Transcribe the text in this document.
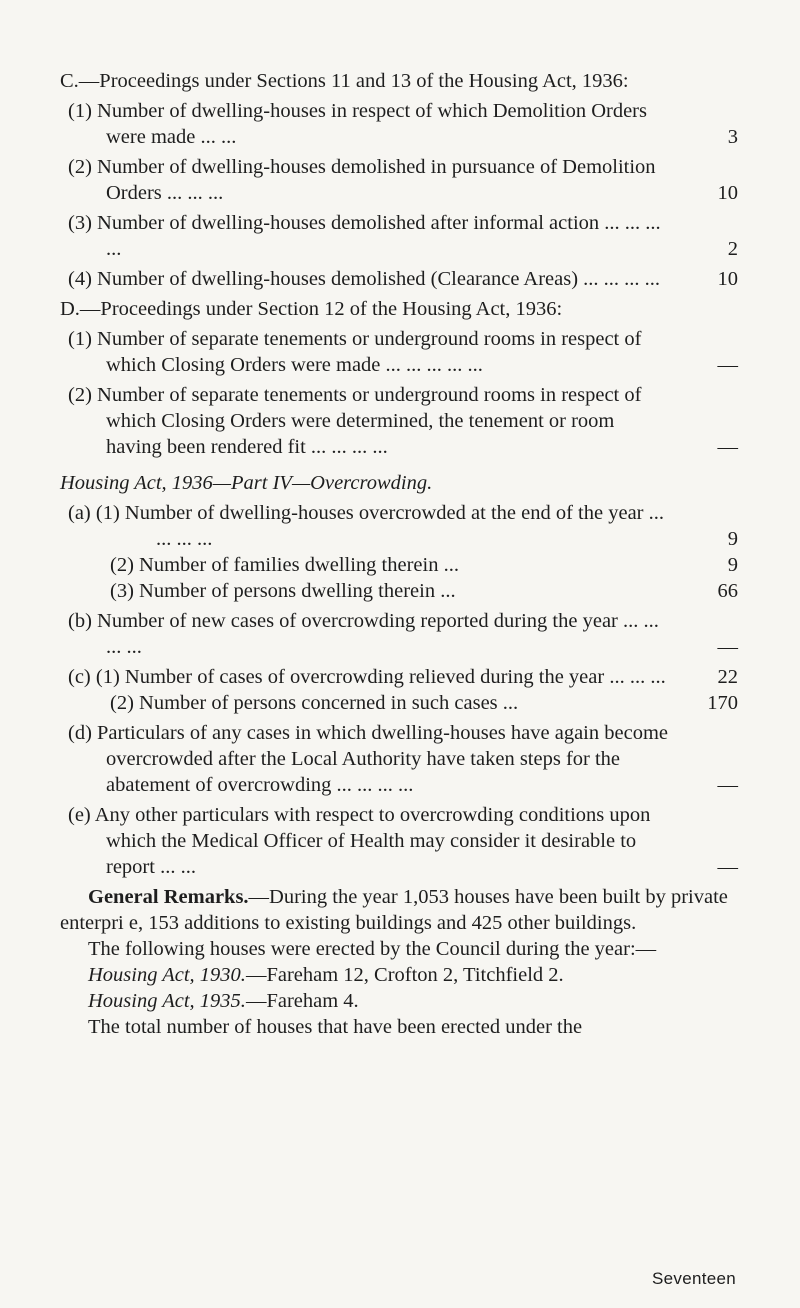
C.—Proceedings under Sections 11 and 13 of the Housing Act, 1936:
(1) Number of dwelling-houses in respect of which Demolition Orders were made ... ...	3
(2) Number of dwelling-houses demolished in pursuance of Demolition Orders ... ... ...	10
(3) Number of dwelling-houses demolished after informal action ... ... ... ...	2
(4) Number of dwelling-houses demolished (Clearance Areas) ... ... ... ...	10
D.—Proceedings under Section 12 of the Housing Act, 1936:
(1) Number of separate tenements or underground rooms in respect of which Closing Orders were made ... ... ... ... ...	—
(2) Number of separate tenements or underground rooms in respect of which Closing Orders were determined, the tenement or room having been rendered fit ... ... ... ...	—
Housing Act, 1936—Part IV—Overcrowding.
(a) (1) Number of dwelling-houses overcrowded at the end of the year ... ... ... ...	9
(2) Number of families dwelling therein ...	9
(3) Number of persons dwelling therein ...	66
(b) Number of new cases of overcrowding reported during the year ... ... ... ...	—
(c) (1) Number of cases of overcrowding relieved during the year ... ... ...	22
(2) Number of persons concerned in such cases ...	170
(d) Particulars of any cases in which dwelling-houses have again become overcrowded after the Local Authority have taken steps for the abatement of overcrowding ... ... ... ...	—
(e) Any other particulars with respect to overcrowding conditions upon which the Medical Officer of Health may consider it desirable to report ... ...	—
General Remarks.—During the year 1,053 houses have been built by private enterpri e, 153 additions to existing buildings and 425 other buildings.
The following houses were erected by the Council during the year:—
Housing Act, 1930.—Fareham 12, Crofton 2, Titchfield 2.
Housing Act, 1935.—Fareham 4.
The total number of houses that have been erected under the
Seventeen
